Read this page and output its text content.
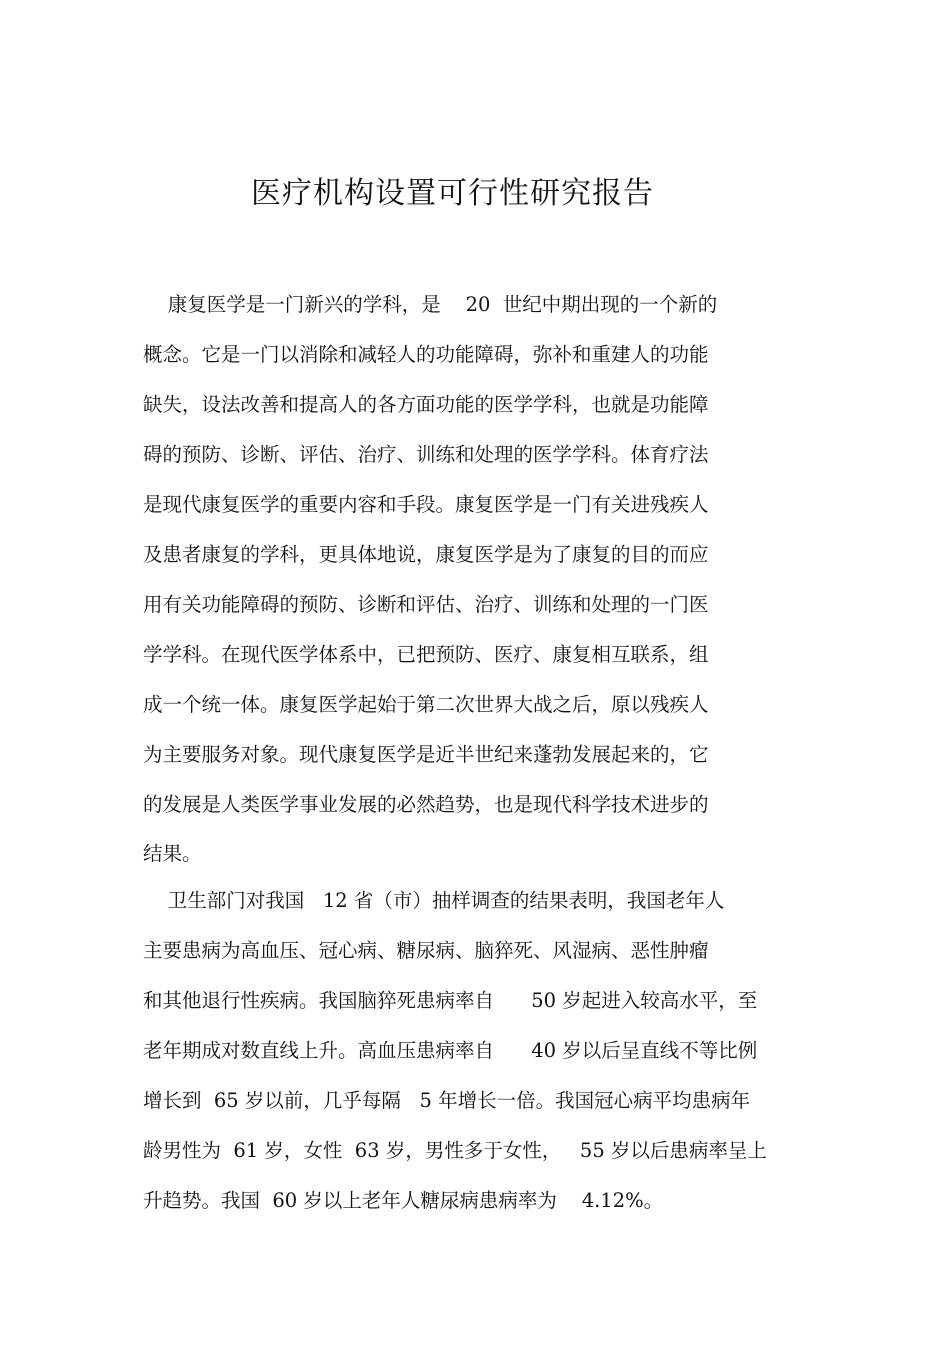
医疗机构设置可行性研究报告
康复医学是一门新兴的学科，是    20  世纪中期出现的一个新的
概念。它是一门以消除和减轻人的功能障碍，弥补和重建人的功能
缺失，设法改善和提高人的各方面功能的医学学科，也就是功能障
碍的预防、诊断、评估、治疗、训练和处理的医学学科。体育疗法
是现代康复医学的重要内容和手段。康复医学是一门有关进残疾人
及患者康复的学科，更具体地说，康复医学是为了康复的目的而应
用有关功能障碍的预防、诊断和评估、治疗、训练和处理的一门医
学学科。在现代医学体系中，已把预防、医疗、康复相互联系，组
成一个统一体。康复医学起始于第二次世界大战之后，原以残疾人
为主要服务对象。现代康复医学是近半世纪来蓬勃发展起来的，它
的发展是人类医学事业发展的必然趋势，也是现代科学技术进步的
结果。
卫生部门对我国   12 省（市）抽样调查的结果表明，我国老年人
主要患病为高血压、冠心病、糖尿病、脑猝死、风湿病、恶性肿瘤
和其他退行性疾病。我国脑猝死患病率自      50 岁起进入较高水平，至
老年期成对数直线上升。高血压患病率自      40 岁以后呈直线不等比例
增长到  65 岁以前，几乎每隔   5 年增长一倍。我国冠心病平均患病年
龄男性为  61 岁，女性  63 岁，男性多于女性，   55 岁以后患病率呈上
升趋势。我国  60 岁以上老年人糖尿病患病率为    4.12%。
